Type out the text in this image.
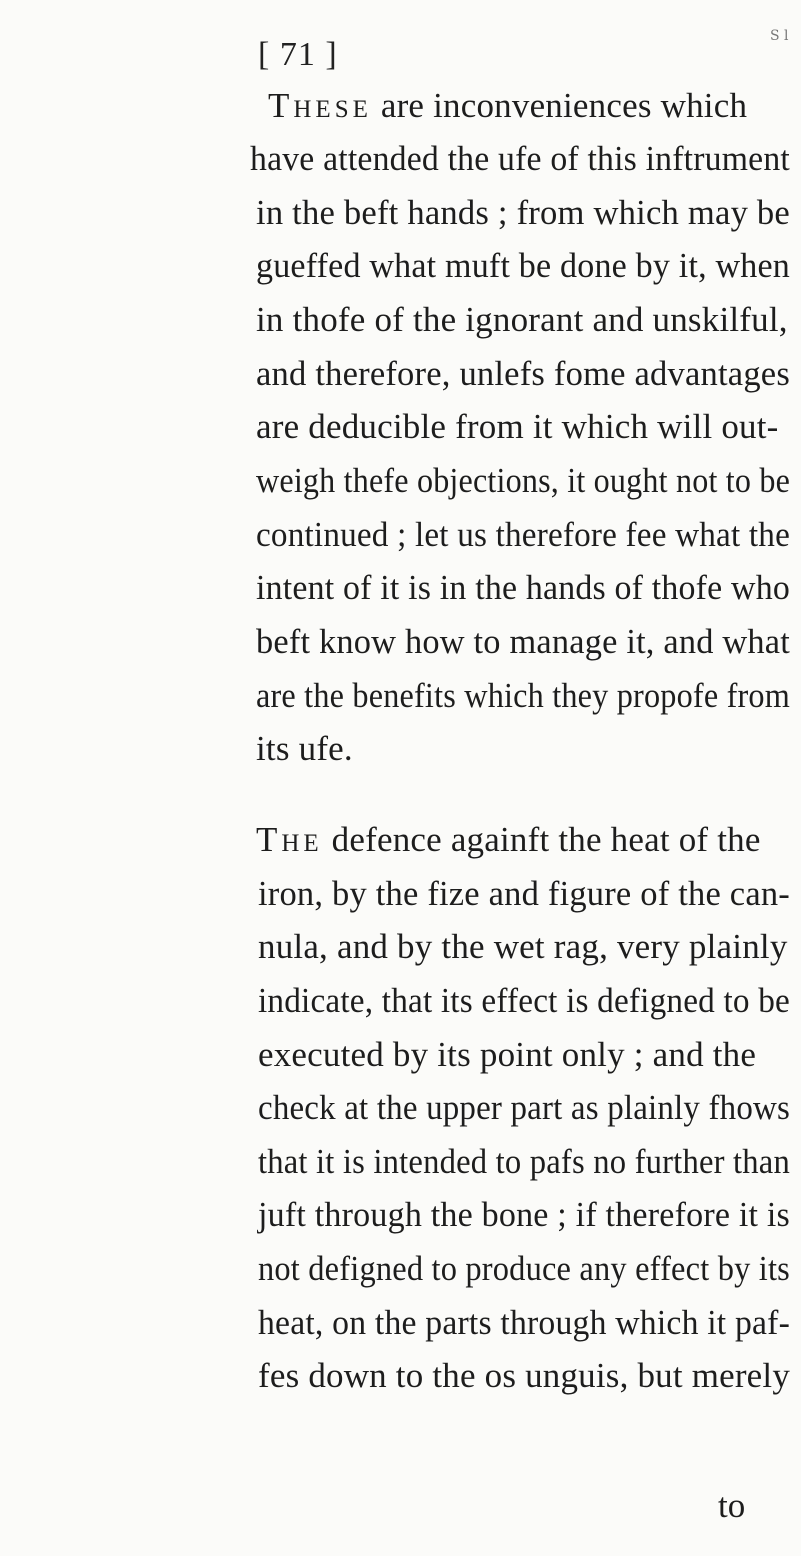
S l
[ 71 ]
These are inconveniences which
have attended the ufe of this inftrument
in the beft hands ; from which may be
gueffed what muft be done by it, when
in thofe of the ignorant and unskilful,
and therefore, unlefs fome advantages
are deducible from it which will out-
weigh thefe objections, it ought not to be
continued ; let us therefore fee what the
intent of it is in the hands of thofe who
beft know how to manage it, and what
are the benefits which they propofe from
its ufe.
The defence againft the heat of the
iron, by the fize and figure of the can-
nula, and by the wet rag, very plainly
indicate, that its effect is defigned to be
executed by its point only ; and the
check at the upper part as plainly fhows
that it is intended to pafs no further than
juft through the bone ; if therefore it is
not defigned to produce any effect by its
heat, on the parts through which it paf-
fes down to the os unguis, but merely
to
